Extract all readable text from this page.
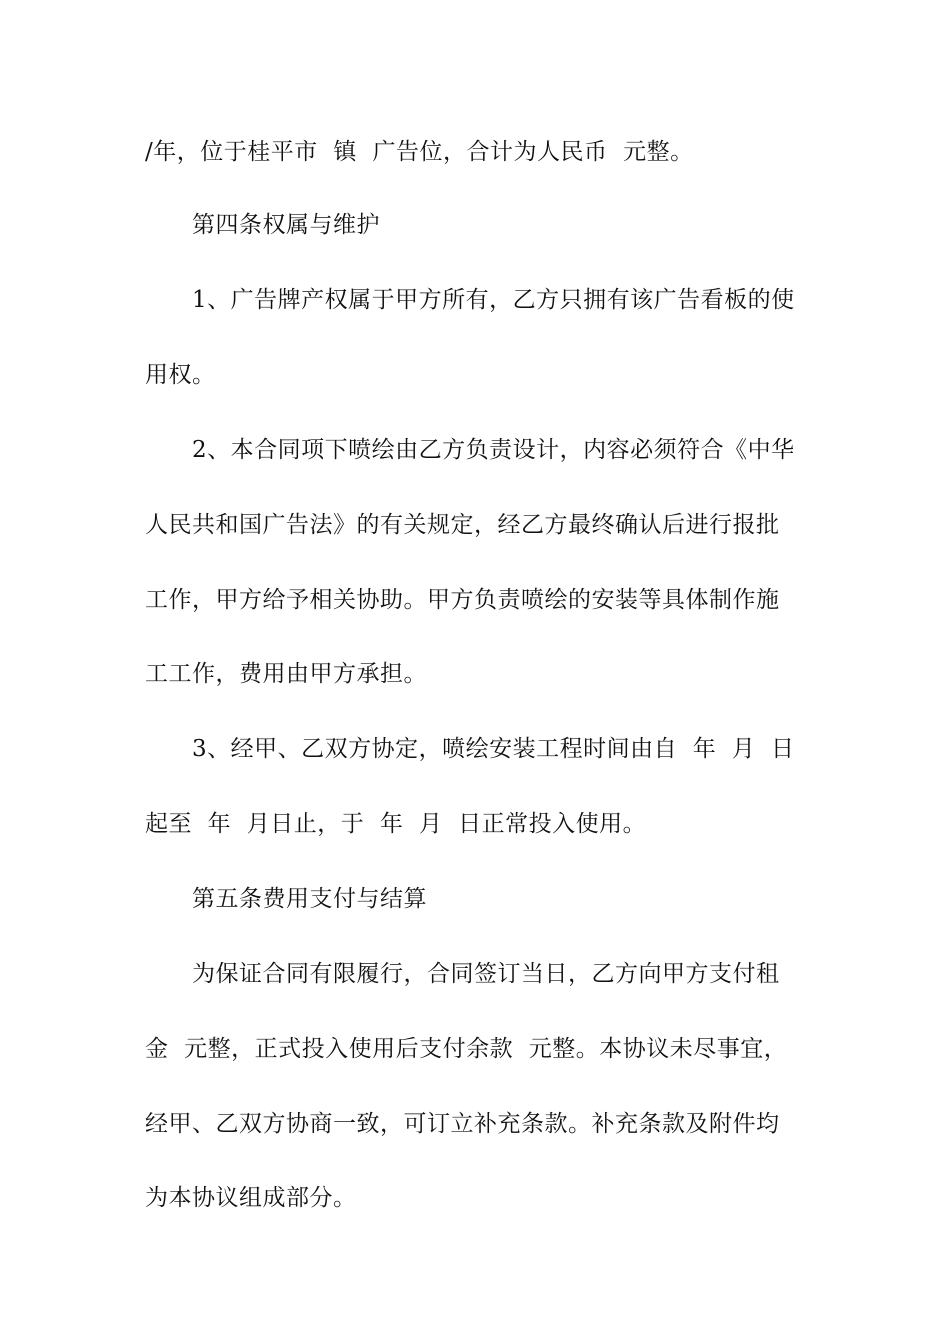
/年，位于桂平市  镇  广告位，合计为人民币  元整。
第四条权属与维护
1、广告牌产权属于甲方所有，乙方只拥有该广告看板的使
用权。
2、本合同项下喷绘由乙方负责设计，内容必须符合《中华
人民共和国广告法》的有关规定，经乙方最终确认后进行报批
工作，甲方给予相关协助。甲方负责喷绘的安装等具体制作施
工工作，费用由甲方承担。
3、经甲、乙双方协定，喷绘安装工程时间由自  年  月  日
起至  年  月日止，于  年  月  日正常投入使用。
第五条费用支付与结算
为保证合同有限履行，合同签订当日，乙方向甲方支付租
金  元整，正式投入使用后支付余款  元整。本协议未尽事宜，
经甲、乙双方协商一致，可订立补充条款。补充条款及附件均
为本协议组成部分。
